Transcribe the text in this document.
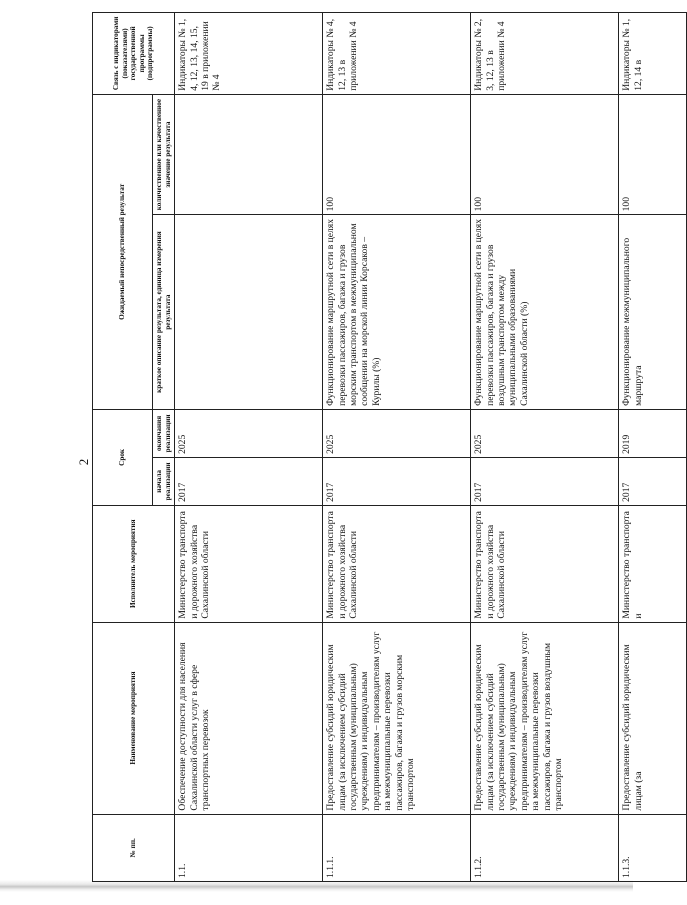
2
№ пп.	Наименование мероприятия	Исполнитель мероприятия	Срок		Ожидаемый непосредственный результат		Связь с индикаторами (показателями) государственной программы (подпрограммы)
			начала реализации	окончания реализации	краткое описание результата, единица измерения результата	количественное или качественное значение результата	
1.1.	Обеспечение доступности для населения Сахалинской области услуг в сфере транспортных перевозок	Министерство транспорта и дорожного хозяйства Сахалинской области	2017	2025			Индикаторы № 1, 4, 12, 13, 14, 15, 19 в приложении № 4
1.1.1.	Предоставление субсидий юридическим лицам (за исключением субсидий государственным (муниципальным) учреждениям) и индивидуальным предпринимателям – производителям услуг на межмуниципальные перевозки пассажиров, багажа и грузов морским транспортом	Министерство транспорта и дорожного хозяйства Сахалинской области	2017	2025	Функционирование маршрутной сети в целях перевозки пассажиров, багажа и грузов морским транспортом в межмуниципальном сообщении на морской линии Корсаков – Курилы (%)	100	Индикаторы № 4, 12, 13 в приложении № 4
1.1.2.	Предоставление субсидий юридическим лицам (за исключением субсидий государственным (муниципальным) учреждениям) и индивидуальным предпринимателям – производителям услуг на межмуниципальные перевозки пассажиров, багажа и грузов воздушным транспортом	Министерство транспорта и дорожного хозяйства Сахалинской области	2017	2025	Функционирование маршрутной сети в целях перевозки пассажиров, багажа и грузов воздушным транспортом между муниципальными образованиями Сахалинской области (%)	100	Индикаторы № 2, 3, 12, 13 в приложении № 4
1.1.3.	Предоставление субсидий юридическим лицам (за	Министерство транспорта и	2017	2019	Функционирование межмуниципального маршрута	100	Индикаторы № 1, 12, 14 в
